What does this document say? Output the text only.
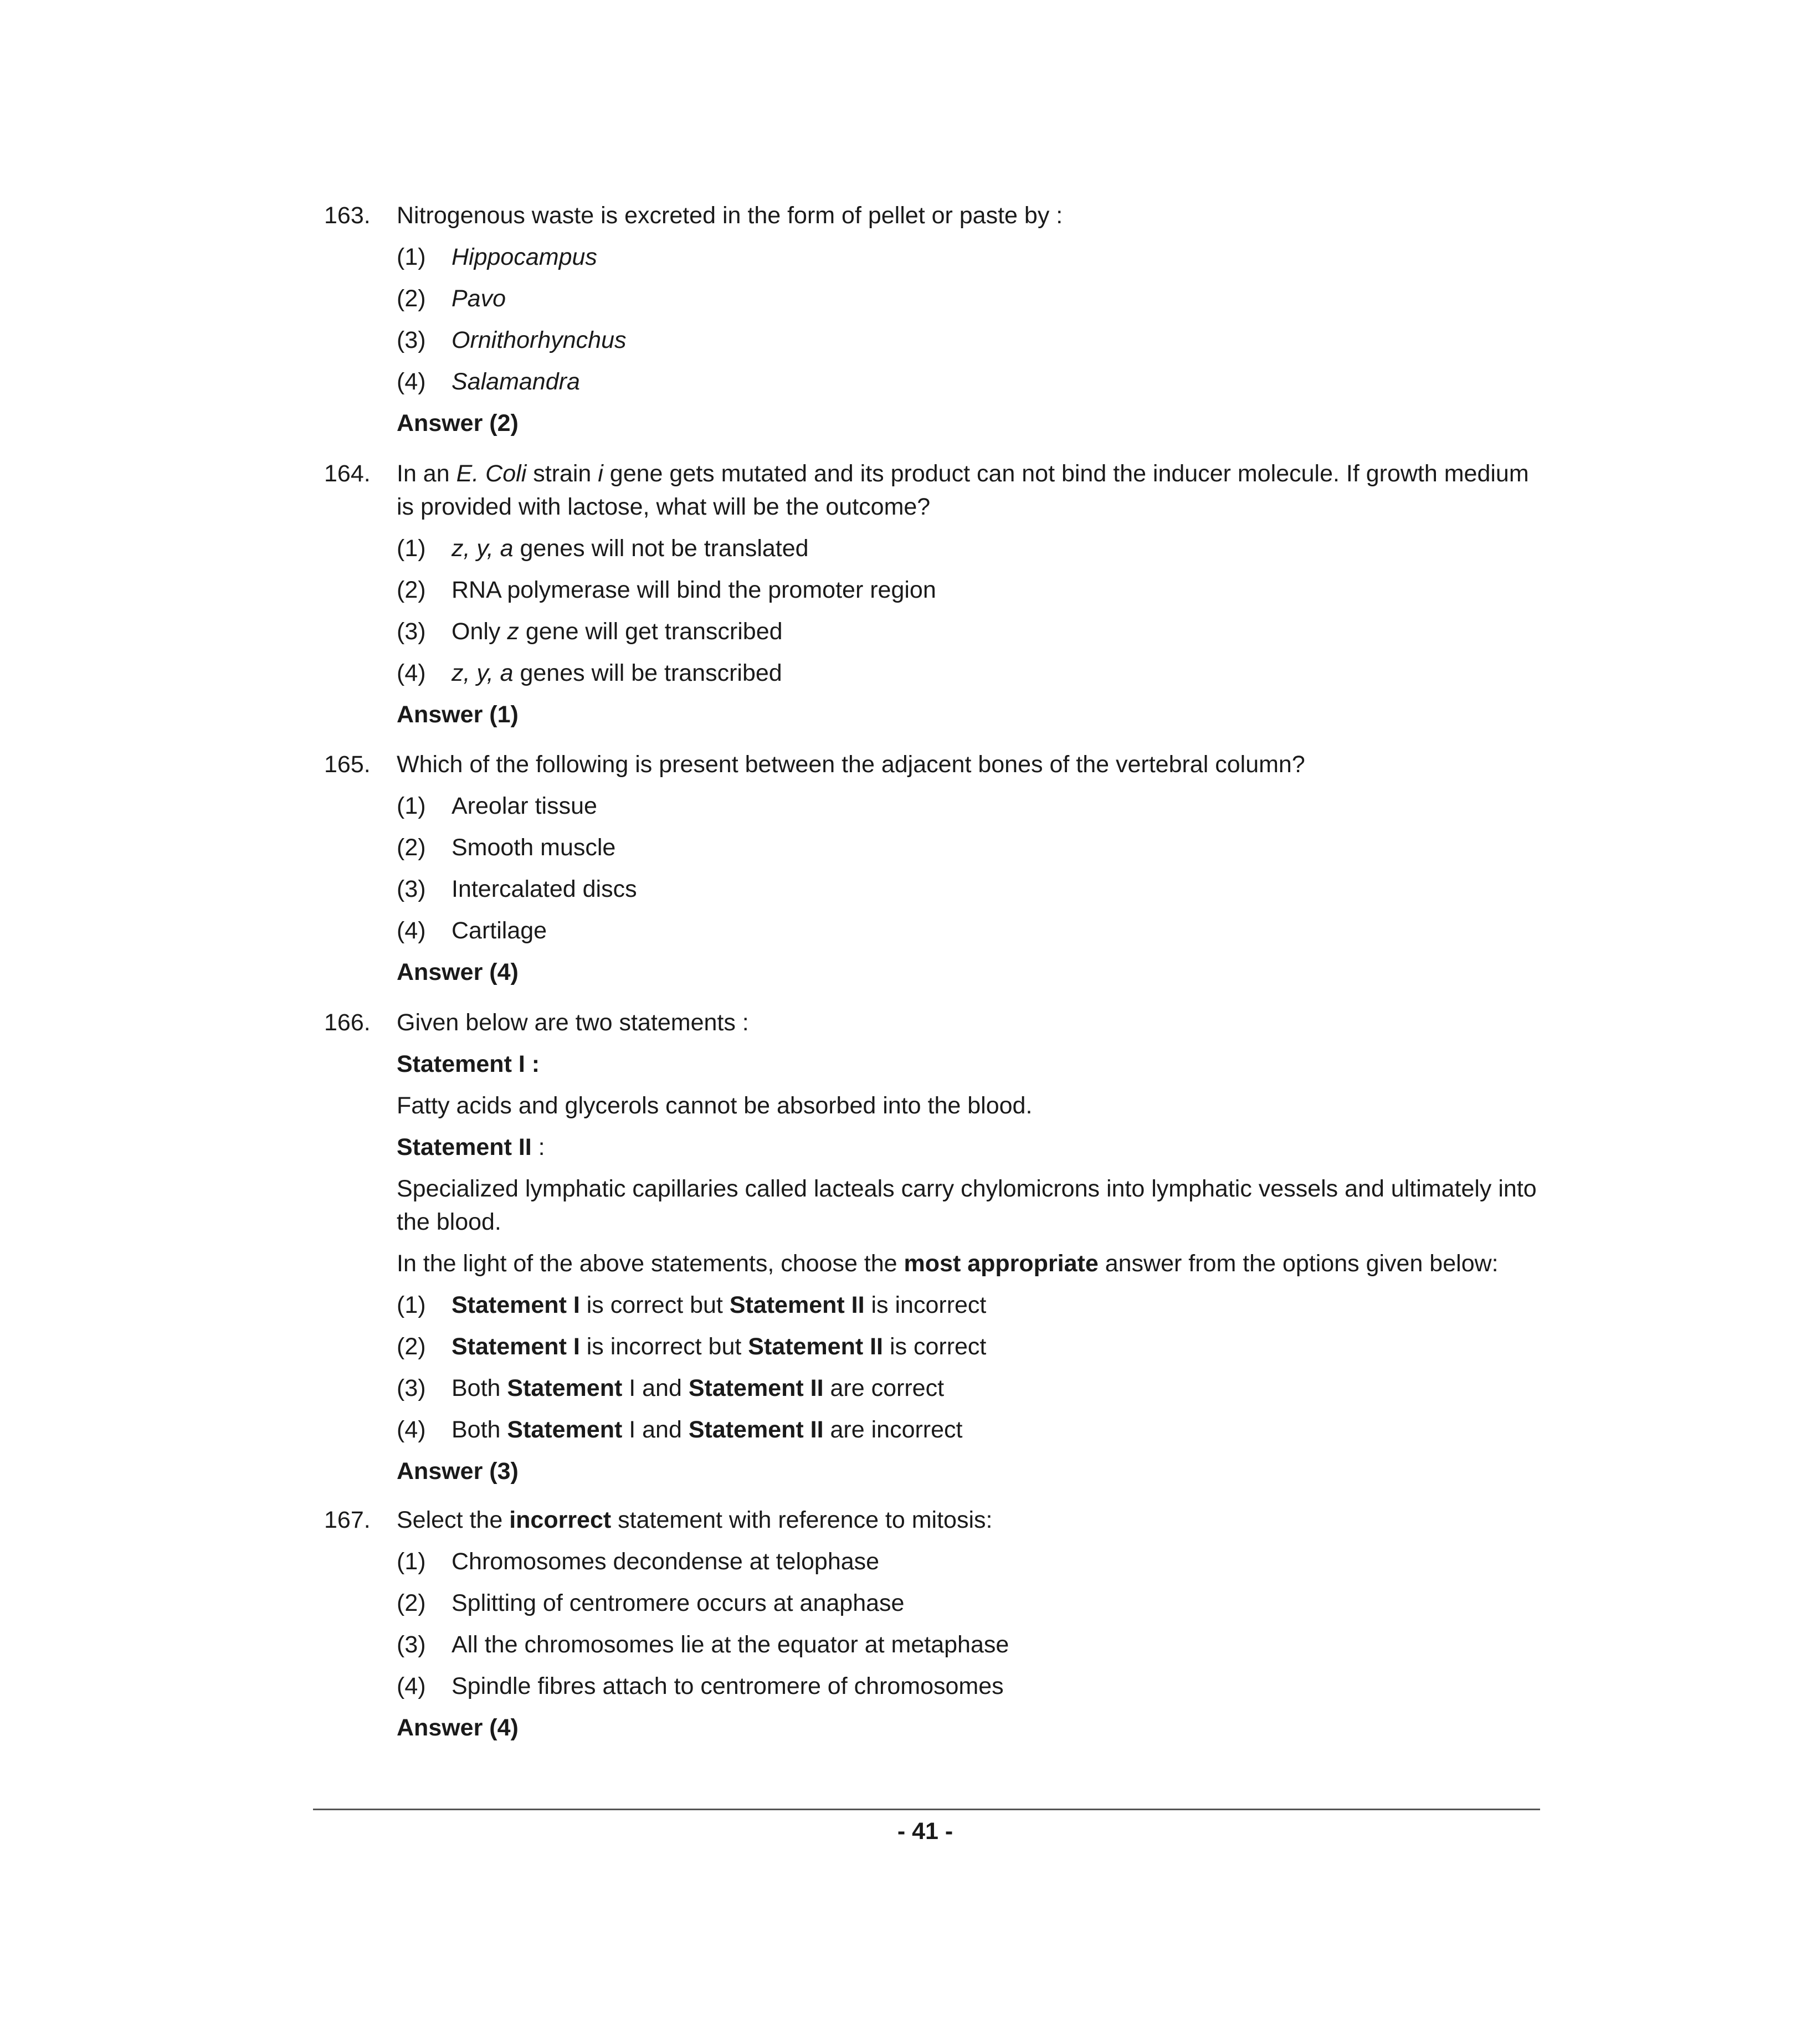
163. Nitrogenous waste is excreted in the form of pellet or paste by :
(1) Hippocampus
(2) Pavo
(3) Ornithorhynchus
(4) Salamandra
Answer (2)
164. In an E. Coli strain i gene gets mutated and its product can not bind the inducer molecule. If growth medium is provided with lactose, what will be the outcome?
(1) z, y, a genes will not be translated
(2) RNA polymerase will bind the promoter region
(3) Only z gene will get transcribed
(4) z, y, a genes will be transcribed
Answer (1)
165. Which of the following is present between the adjacent bones of the vertebral column?
(1) Areolar tissue
(2) Smooth muscle
(3) Intercalated discs
(4) Cartilage
Answer (4)
166. Given below are two statements :
Statement I :
Fatty acids and glycerols cannot be absorbed into the blood.
Statement II :
Specialized lymphatic capillaries called lacteals carry chylomicrons into lymphatic vessels and ultimately into the blood.
In the light of the above statements, choose the most appropriate answer from the options given below:
(1) Statement I is correct but Statement II is incorrect
(2) Statement I is incorrect but Statement II is correct
(3) Both Statement I and Statement II are correct
(4) Both Statement I and Statement II are incorrect
Answer (3)
167. Select the incorrect statement with reference to mitosis:
(1) Chromosomes decondense at telophase
(2) Splitting of centromere occurs at anaphase
(3) All the chromosomes lie at the equator at metaphase
(4) Spindle fibres attach to centromere of chromosomes
Answer (4)
- 41 -
